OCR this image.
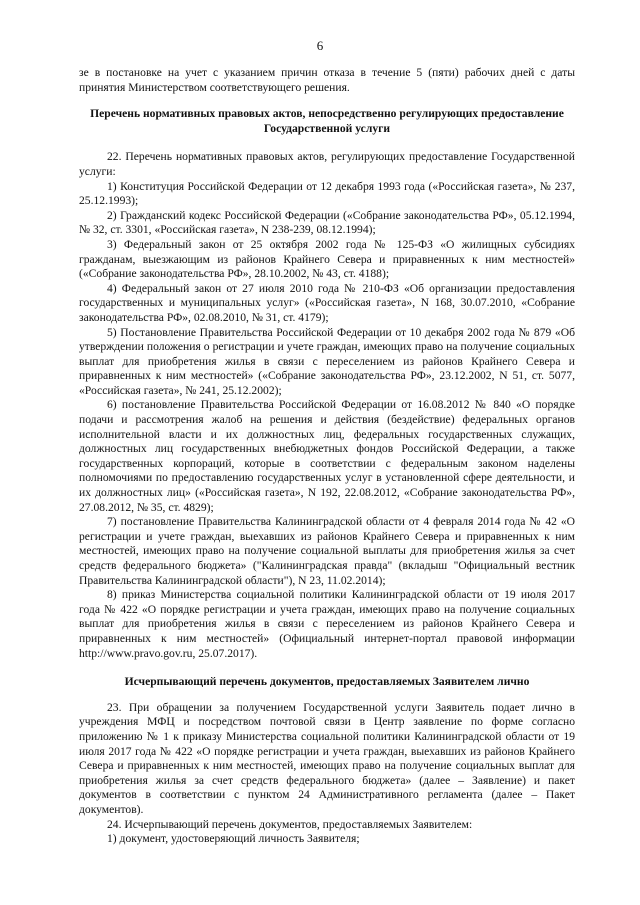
6

зе в постановке на учет с указанием причин отказа в течение 5 (пяти) рабочих дней с даты принятия Министерством соответствующего решения.

Перечень нормативных правовых актов, непосредственно регулирующих предоставление Государственной услуги

22. Перечень нормативных правовых актов, регулирующих предоставление Государственной услуги:

1) Конституция Российской Федерации от 12 декабря 1993 года («Российская газета», № 237, 25.12.1993);

2) Гражданский кодекс Российской Федерации («Собрание законодательства РФ», 05.12.1994, № 32, ст. 3301, «Российская газета», N 238-239, 08.12.1994);

3) Федеральный закон от 25 октября 2002 года № 125-ФЗ «О жилищных субсидиях гражданам, выезжающим из районов Крайнего Севера и приравненных к ним местностей» («Собрание законодательства РФ», 28.10.2002, № 43, ст. 4188);

4) Федеральный закон от 27 июля 2010 года № 210-ФЗ «Об организации предоставления государственных и муниципальных услуг» («Российская газета», N 168, 30.07.2010, «Собрание законодательства РФ», 02.08.2010, № 31, ст. 4179);

5) Постановление Правительства Российской Федерации от 10 декабря 2002 года № 879 «Об утверждении положения о регистрации и учете граждан, имеющих право на получение социальных выплат для приобретения жилья в связи с переселением из районов Крайнего Севера и приравненных к ним местностей» («Собрание законодательства РФ», 23.12.2002, N 51, ст. 5077, «Российская газета», № 241, 25.12.2002);

6) постановление Правительства Российской Федерации от 16.08.2012 № 840 «О порядке подачи и рассмотрения жалоб на решения и действия (бездействие) федеральных органов исполнительной власти и их должностных лиц, федеральных государственных служащих, должностных лиц государственных внебюджетных фондов Российской Федерации, а также государственных корпораций, которые в соответствии с федеральным законом наделены полномочиями по предоставлению государственных услуг в установленной сфере деятельности, и их должностных лиц» («Российская газета», N 192, 22.08.2012, «Собрание законодательства РФ», 27.08.2012, № 35, ст. 4829);

7) постановление Правительства Калининградской области от 4 февраля 2014 года № 42 «О регистрации и учете граждан, выехавших из районов Крайнего Севера и приравненных к ним местностей, имеющих право на получение социальной выплаты для приобретения жилья за счет средств федерального бюджета» ("Калининградская правда" (вкладыш "Официальный вестник Правительства Калининградской области"), N 23, 11.02.2014);

8) приказ Министерства социальной политики Калининградской области от 19 июля 2017 года № 422 «О порядке регистрации и учета граждан, имеющих право на получение социальных выплат для приобретения жилья в связи с переселением из районов Крайнего Севера и приравненных к ним местностей» (Официальный интернет-портал правовой информации http://www.pravo.gov.ru, 25.07.2017).

Исчерпывающий перечень документов, предоставляемых Заявителем лично

23. При обращении за получением Государственной услуги Заявитель подает лично в учреждения МФЦ и посредством почтовой связи в Центр заявление по форме согласно приложению № 1 к приказу Министерства социальной политики Калининградской области от 19 июля 2017 года № 422 «О порядке регистрации и учета граждан, выехавших из районов Крайнего Севера и приравненных к ним местностей, имеющих право на получение социальных выплат для приобретения жилья за счет средств федерального бюджета» (далее – Заявление) и пакет документов в соответствии с пунктом 24 Административного регламента (далее – Пакет документов).

24. Исчерпывающий перечень документов, предоставляемых Заявителем:

1) документ, удостоверяющий личность Заявителя;
